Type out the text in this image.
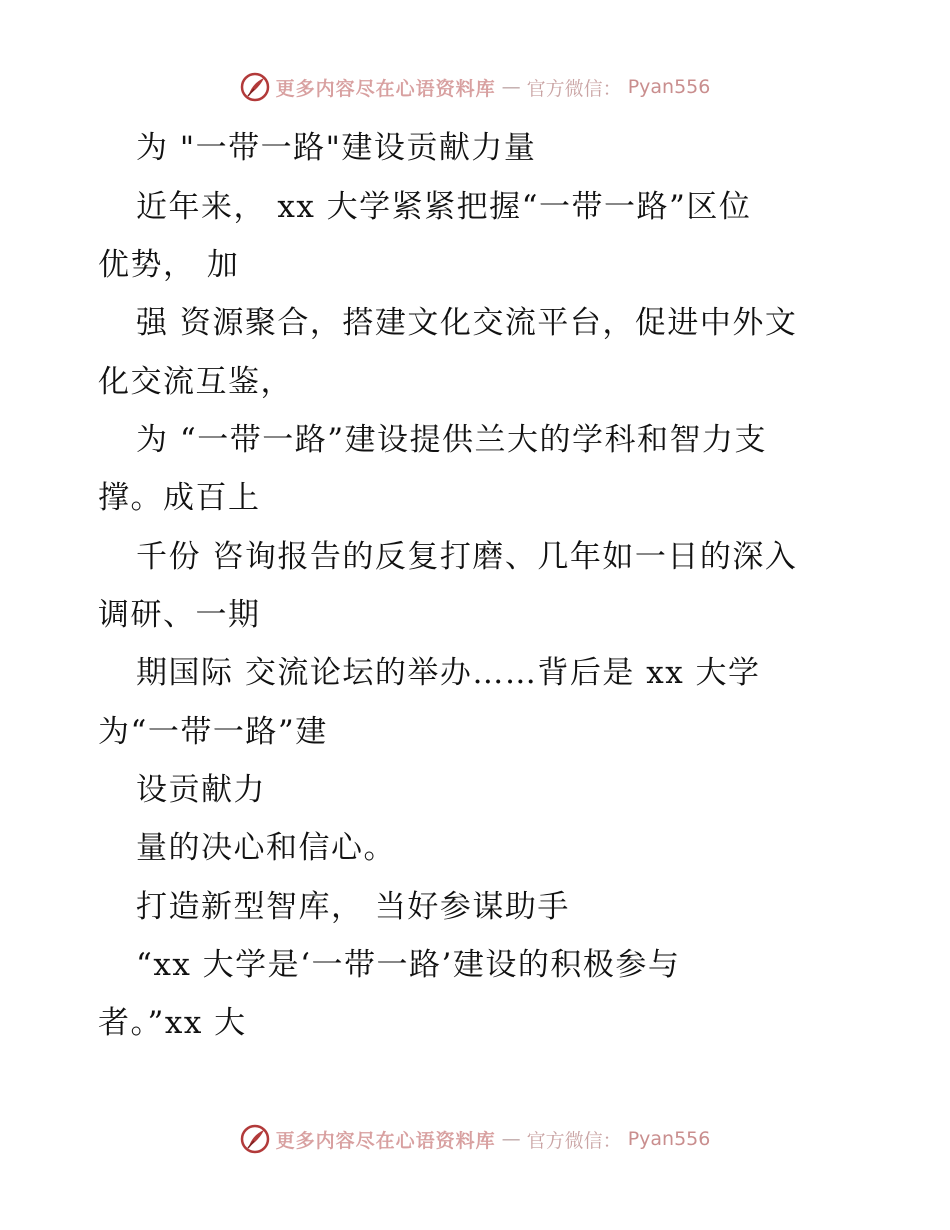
更多内容尽在心语资料库 — 官方微信： Pyan556
为 "一带一路"建设贡献力量
近年来， xx 大学紧紧把握“一带一路”区位
优势， 加
强 资源聚合，搭建文化交流平台，促进中外文
化交流互鉴，
为 “一带一路”建设提供兰大的学科和智力支
撑。成百上
千份 咨询报告的反复打磨、几年如一日的深入
调研、一期
期国际 交流论坛的举办……背后是 xx 大学
为“一带一路”建
设贡献力
量的决心和信心。
打造新型智库， 当好参谋助手
“xx 大学是‘一带一路’建设的积极参与
者。”xx 大
更多内容尽在心语资料库 — 官方微信： Pyan556
